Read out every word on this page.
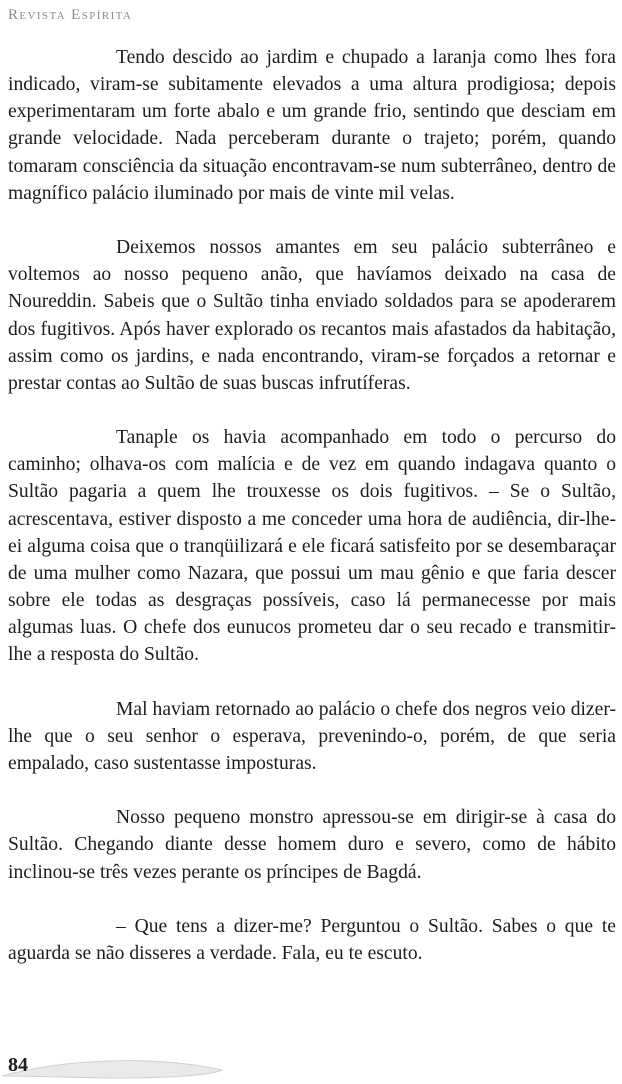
Revista Espírita

Tendo descido ao jardim e chupado a laranja como lhes fora indicado, viram-se subitamente elevados a uma altura prodigiosa; depois experimentaram um forte abalo e um grande frio, sentindo que desciam em grande velocidade. Nada perceberam durante o trajeto; porém, quando tomaram consciência da situação encontravam-se num subterrâneo, dentro de magnífico palácio iluminado por mais de vinte mil velas.

Deixemos nossos amantes em seu palácio subterrâneo e voltemos ao nosso pequeno anão, que havíamos deixado na casa de Noureddin. Sabeis que o Sultão tinha enviado soldados para se apoderarem dos fugitivos. Após haver explorado os recantos mais afastados da habitação, assim como os jardins, e nada encontrando, viram-se forçados a retornar e prestar contas ao Sultão de suas buscas infrutíferas.

Tanaple os havia acompanhado em todo o percurso do caminho; olhava-os com malícia e de vez em quando indagava quanto o Sultão pagaria a quem lhe trouxesse os dois fugitivos. – Se o Sultão, acrescentava, estiver disposto a me conceder uma hora de audiência, dir-lhe-ei alguma coisa que o tranqüilizará e ele ficará satisfeito por se desembaraçar de uma mulher como Nazara, que possui um mau gênio e que faria descer sobre ele todas as desgraças possíveis, caso lá permanecesse por mais algumas luas. O chefe dos eunucos prometeu dar o seu recado e transmitir-lhe a resposta do Sultão.

Mal haviam retornado ao palácio o chefe dos negros veio dizer-lhe que o seu senhor o esperava, prevenindo-o, porém, de que seria empalado, caso sustentasse imposturas.

Nosso pequeno monstro apressou-se em dirigir-se à casa do Sultão. Chegando diante desse homem duro e severo, como de hábito inclinou-se três vezes perante os príncipes de Bagdá.

– Que tens a dizer-me? Perguntou o Sultão. Sabes o que te aguarda se não disseres a verdade. Fala, eu te escuto.

84
